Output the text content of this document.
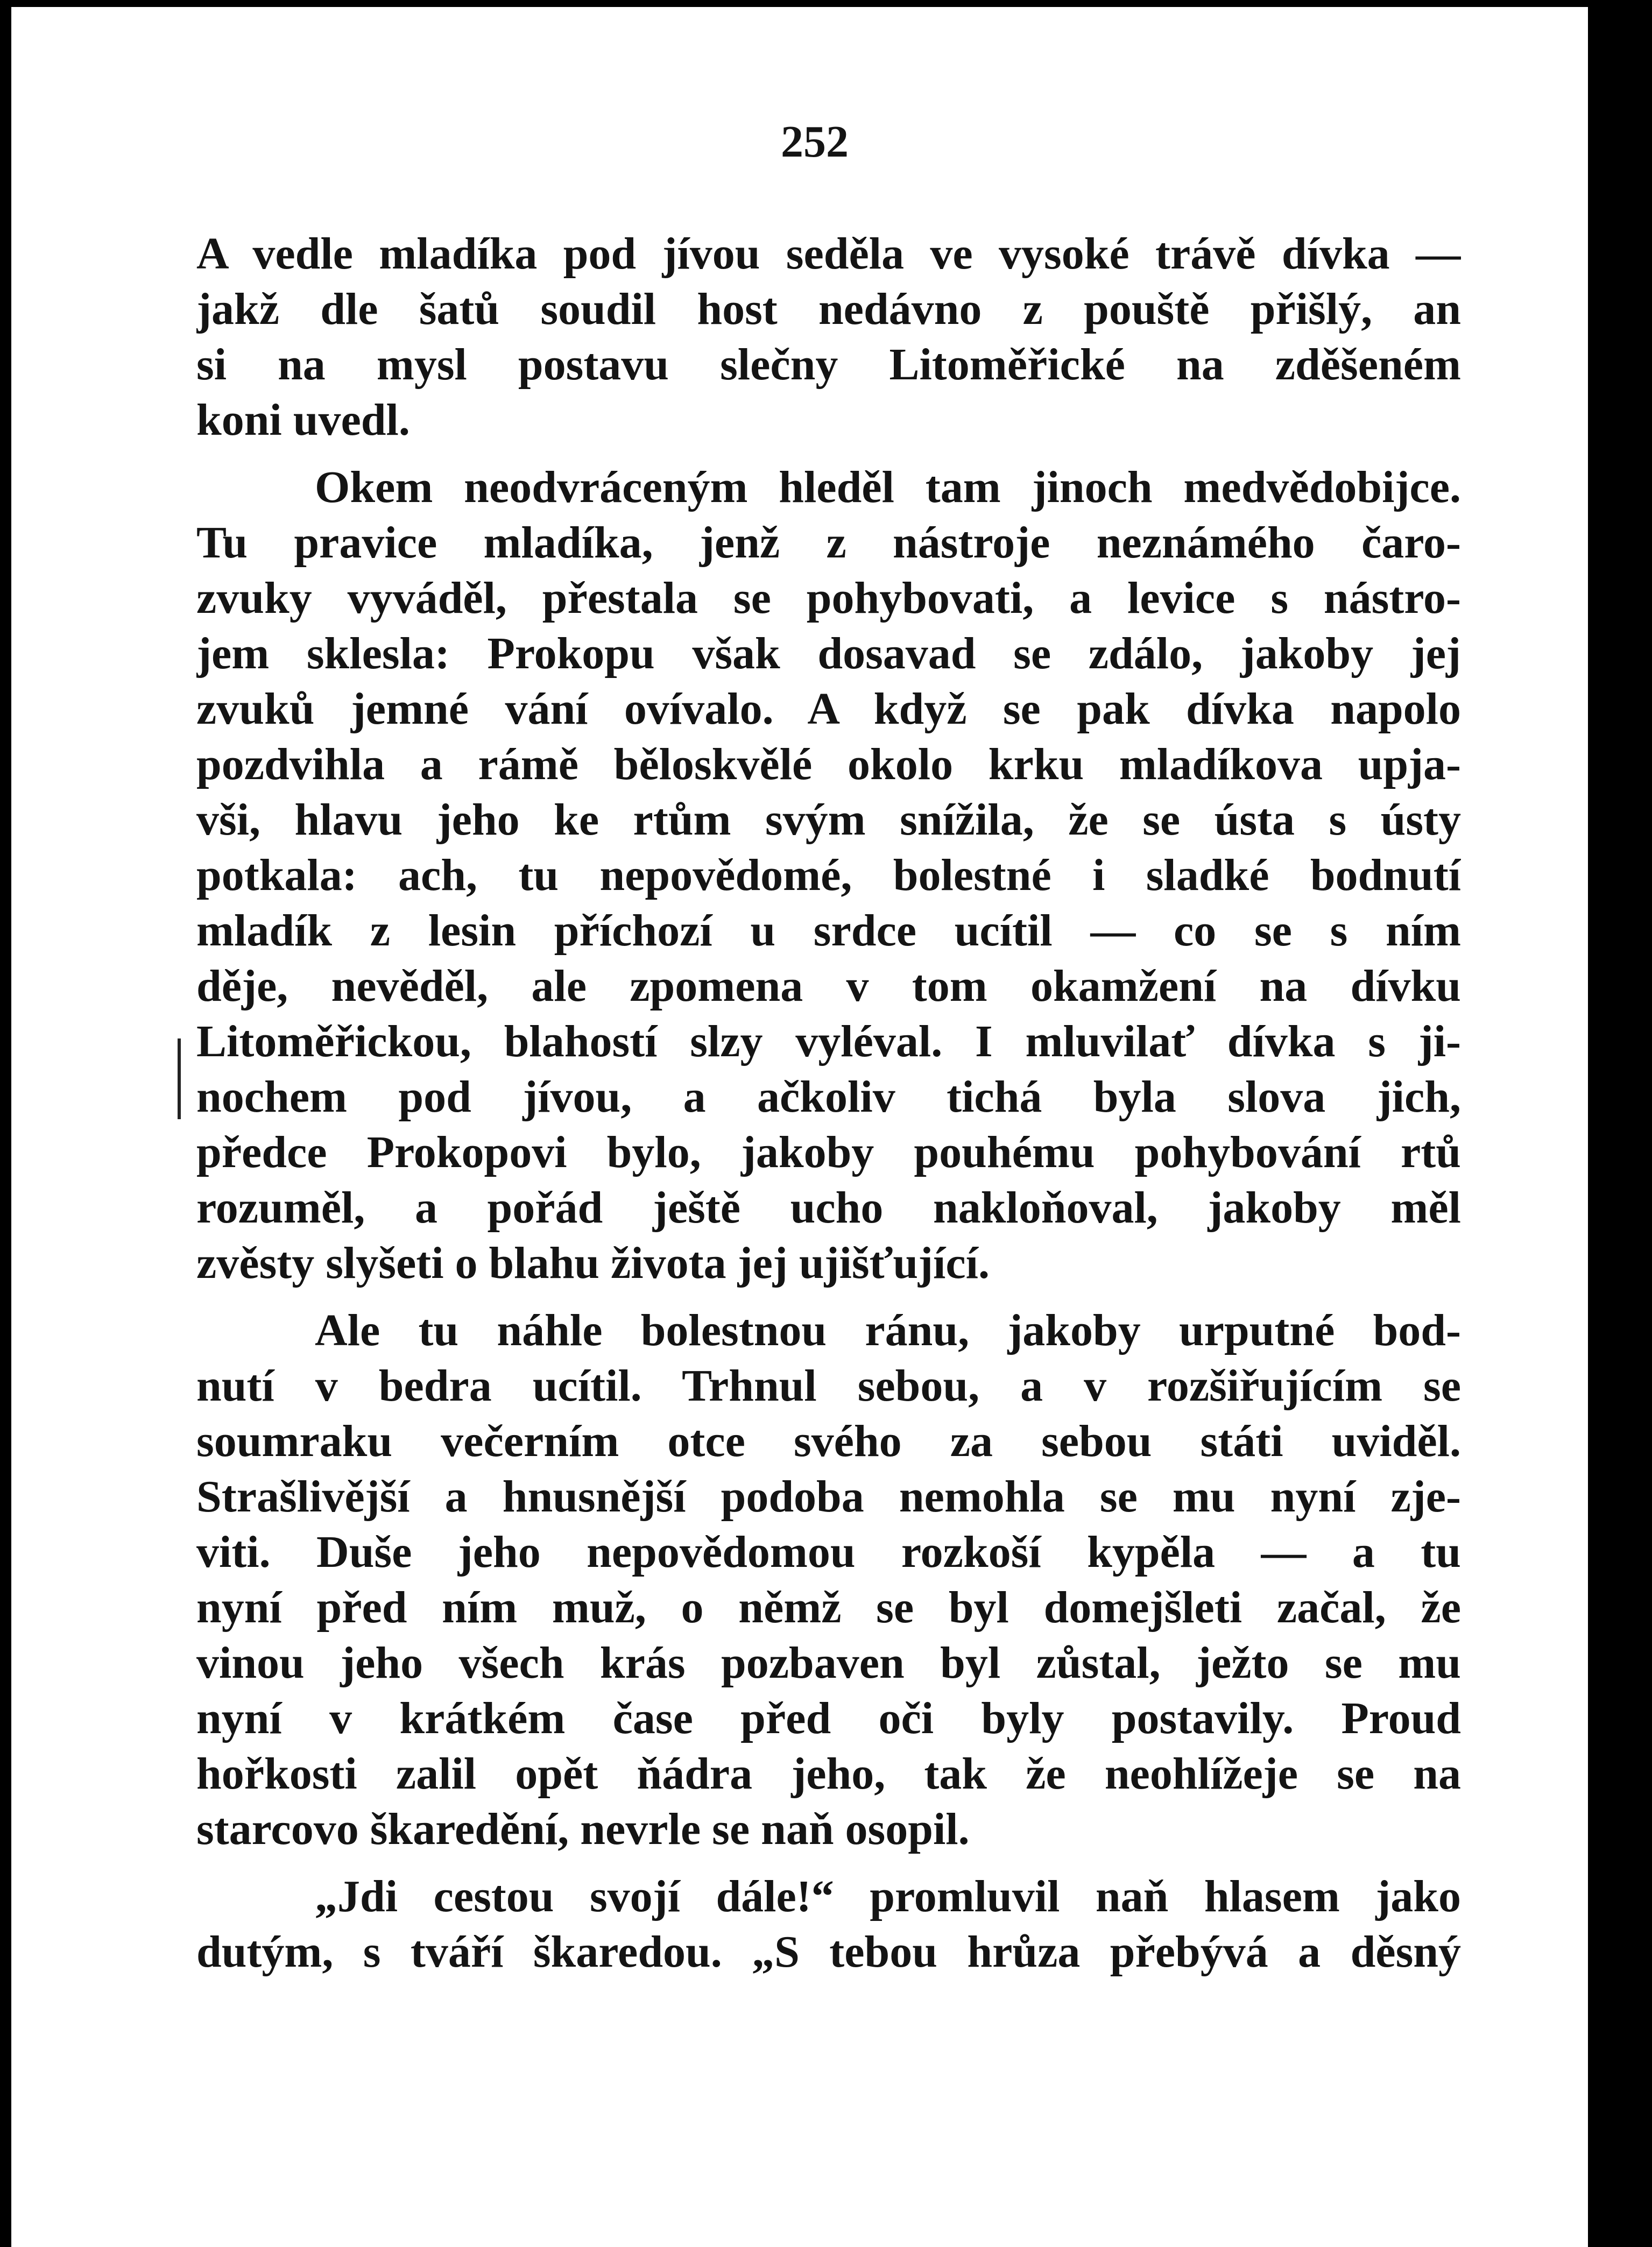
252
A vedle mladíka pod jívou seděla ve vysoké trávě dívka —
jakž dle šatů soudil host nedávno z pouště přišlý, an
si na mysl postavu slečny Litoměřické na zděšeném
koni uvedl.
Okem neodvráceným hleděl tam jinoch medvědobijce.
Tu pravice mladíka, jenž z nástroje neznámého čaro-
zvuky vyváděl, přestala se pohybovati, a levice s nástro-
jem sklesla: Prokopu však dosavad se zdálo, jakoby jej
zvuků jemné vání ovívalo. A když se pak dívka napolo
pozdvihla a rámě běloskvělé okolo krku mladíkova upja-
vši, hlavu jeho ke rtům svým snížila, že se ústa s ústy
potkala: ach, tu nepovědomé, bolestné i sladké bodnutí
mladík z lesin příchozí u srdce ucítil — co se s ním
děje, nevěděl, ale zpomena v tom okamžení na dívku
Litoměřickou, blahostí slzy vyléval. I mluvilať dívka s ji-
nochem pod jívou, a ačkoliv tichá byla slova jich,
předce Prokopovi bylo, jakoby pouhému pohybování rtů
rozuměl, a pořád ještě ucho nakloňoval, jakoby měl
zvěsty slyšeti o blahu života jej ujišťující.
Ale tu náhle bolestnou ránu, jakoby urputné bod-
nutí v bedra ucítil. Trhnul sebou, a v rozšiřujícím se
soumraku večerním otce svého za sebou státi uviděl.
Strašlivější a hnusnější podoba nemohla se mu nyní zje-
viti. Duše jeho nepovědomou rozkoší kypěla — a tu
nyní před ním muž, o němž se byl domejšleti začal, že
vinou jeho všech krás pozbaven byl zůstal, ježto se mu
nyní v krátkém čase před oči byly postavily. Proud
hořkosti zalil opět ňádra jeho, tak že neohlížeje se na
starcovo škaredění, nevrle se naň osopil.
„Jdi cestou svojí dále!“ promluvil naň hlasem jako
dutým, s tváří škaredou. „S tebou hrůza přebývá a děsný
